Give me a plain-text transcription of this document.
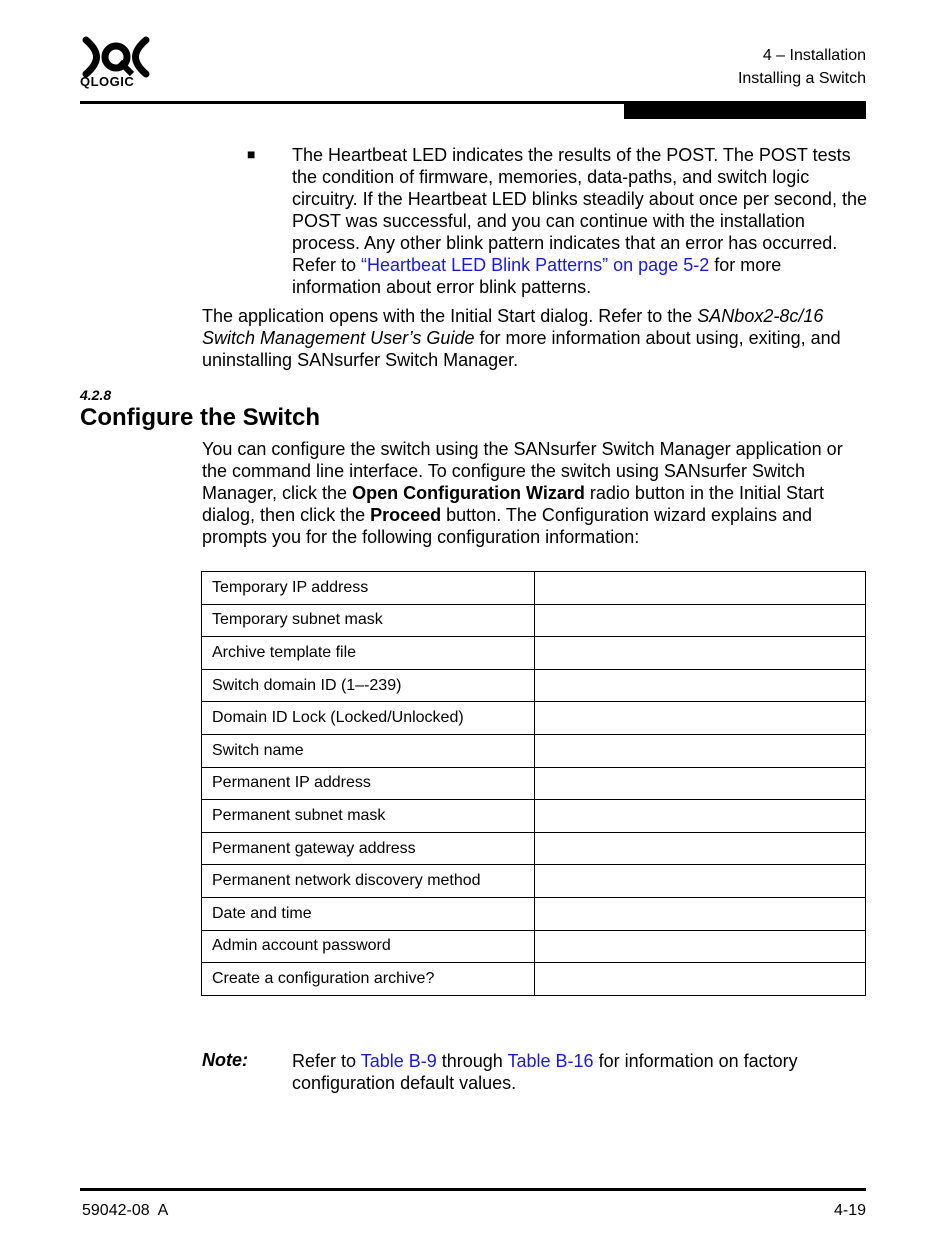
QLOGIC
4 – Installation
Installing a Switch
■ The Heartbeat LED indicates the results of the POST. The POST tests the condition of firmware, memories, data-paths, and switch logic circuitry. If the Heartbeat LED blinks steadily about once per second, the POST was successful, and you can continue with the installation process. Any other blink pattern indicates that an error has occurred. Refer to “Heartbeat LED Blink Patterns” on page 5-2 for more information about error blink patterns.
The application opens with the Initial Start dialog. Refer to the SANbox2-8c/16 Switch Management User’s Guide for more information about using, exiting, and uninstalling SANsurfer Switch Manager.
4.2.8
Configure the Switch
You can configure the switch using the SANsurfer Switch Manager application or the command line interface. To configure the switch using SANsurfer Switch Manager, click the Open Configuration Wizard radio button in the Initial Start dialog, then click the Proceed button. The Configuration wizard explains and prompts you for the following configuration information:
Temporary IP address	
Temporary subnet mask	
Archive template file	
Switch domain ID (1–-239)	
Domain ID Lock (Locked/Unlocked)	
Switch name	
Permanent IP address	
Permanent subnet mask	
Permanent gateway address	
Permanent network discovery method	
Date and time	
Admin account password	
Create a configuration archive?	
Note: Refer to Table B-9 through Table B-16 for information on factory configuration default values.
59042-08  A	4-19
